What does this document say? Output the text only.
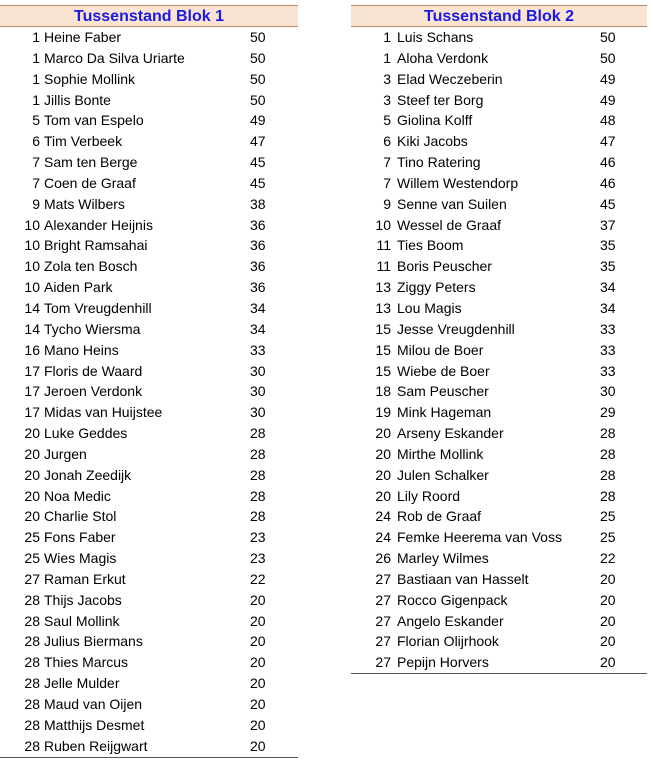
Tussenstand Blok 1
1 Heine Faber	50
1 Marco Da Silva Uriarte	50
1 Sophie Mollink	50
1 Jillis Bonte	50
5 Tom van Espelo	49
6 Tim Verbeek	47
7 Sam ten Berge	45
7 Coen de Graaf	45
9 Mats Wilbers	38
10 Alexander Heijnis	36
10 Bright Ramsahai	36
10 Zola ten Bosch	36
10 Aiden Park	36
14 Tom Vreugdenhill	34
14 Tycho Wiersma	34
16 Mano Heins	33
17 Floris de Waard	30
17 Jeroen Verdonk	30
17 Midas van Huijstee	30
20 Luke Geddes	28
20 Jurgen	28
20 Jonah Zeedijk	28
20 Noa Medic	28
20 Charlie Stol	28
25 Fons Faber	23
25 Wies Magis	23
27 Raman Erkut	22
28 Thijs Jacobs	20
28 Saul Mollink	20
28 Julius Biermans	20
28 Thies Marcus	20
28 Jelle Mulder	20
28 Maud van Oijen	20
28 Matthijs Desmet	20
28 Ruben Reijgwart	20
Tussenstand Blok 2
1 Luis Schans	50
1 Aloha Verdonk	50
3 Elad Weczeberin	49
3 Steef ter Borg	49
5 Giolina Kolff	48
6 Kiki Jacobs	47
7 Tino Ratering	46
7 Willem Westendorp	46
9 Senne van Suilen	45
10 Wessel de Graaf	37
11 Ties Boom	35
11 Boris Peuscher	35
13 Ziggy Peters	34
13 Lou Magis	34
15 Jesse Vreugdenhill	33
15 Milou de Boer	33
15 Wiebe de Boer	33
18 Sam Peuscher	30
19 Mink Hageman	29
20 Arseny Eskander	28
20 Mirthe Mollink	28
20 Julen Schalker	28
20 Lily Roord	28
24 Rob de Graaf	25
24 Femke Heerema van Voss	25
26 Marley Wilmes	22
27 Bastiaan van Hasselt	20
27 Rocco Gigenpack	20
27 Angelo Eskander	20
27 Florian Olijrhook	20
27 Pepijn Horvers	20
